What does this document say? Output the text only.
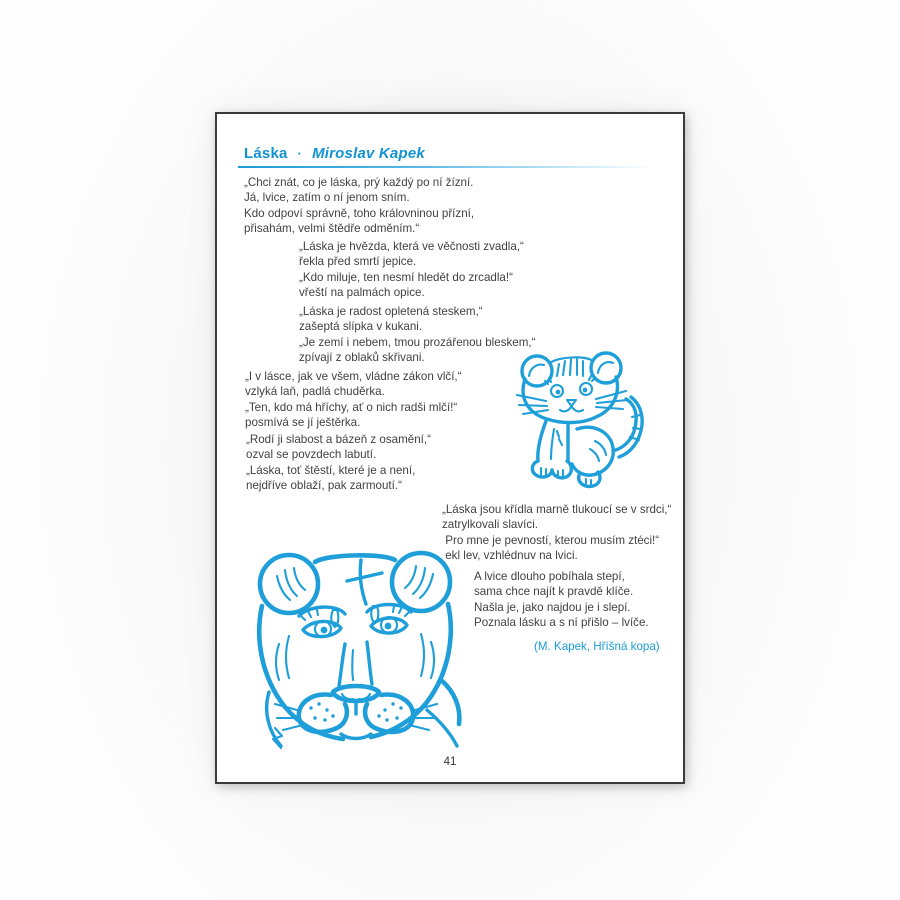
Láska · Miroslav Kapek
„Chci znát, co je láska, prý každý po ní žízní.
Já, lvice, zatím o ní jenom sním.
Kdo odpoví správně, toho královninou přízní,
přisahám, velmi štědře odměním.“
„Láska je hvězda, která ve věčnosti zvadla,“
řekla před smrtí jepice.
„Kdo miluje, ten nesmí hledět do zrcadla!“
vřeští na palmách opice.
„Láska je radost opletená steskem,“
zašeptá slípka v kukani.
„Je zemí i nebem, tmou prozářenou bleskem,“
zpívají z oblaků skřivani.
„I v lásce, jak ve všem, vládne zákon vlčí,“
vzlyká laň, padlá chuděrka.
„Ten, kdo má hříchy, ať o nich radši mlčí!“
posmívá se jí ještěrka.
„Rodí ji slabost a bázeň z osamění,“
ozval se povzdech labutí.
„Láska, toť štěstí, které je a není,
nejdříve oblaží, pak zarmoutí.“
„Láska jsou křídla marně tlukoucí se v srdci,“
zatrylkovali slavíci.
Pro mne je pevností, kterou musím ztéci!“
ekl lev, vzhlédnuv na lvici.
A lvice dlouho pobíhala stepí,
sama chce najít k pravdě klíče.
Našla je, jako najdou je i slepí.
Poznala lásku a s ní přišlo – lvíče.
(M. Kapek, Hříšná kopa)
41
